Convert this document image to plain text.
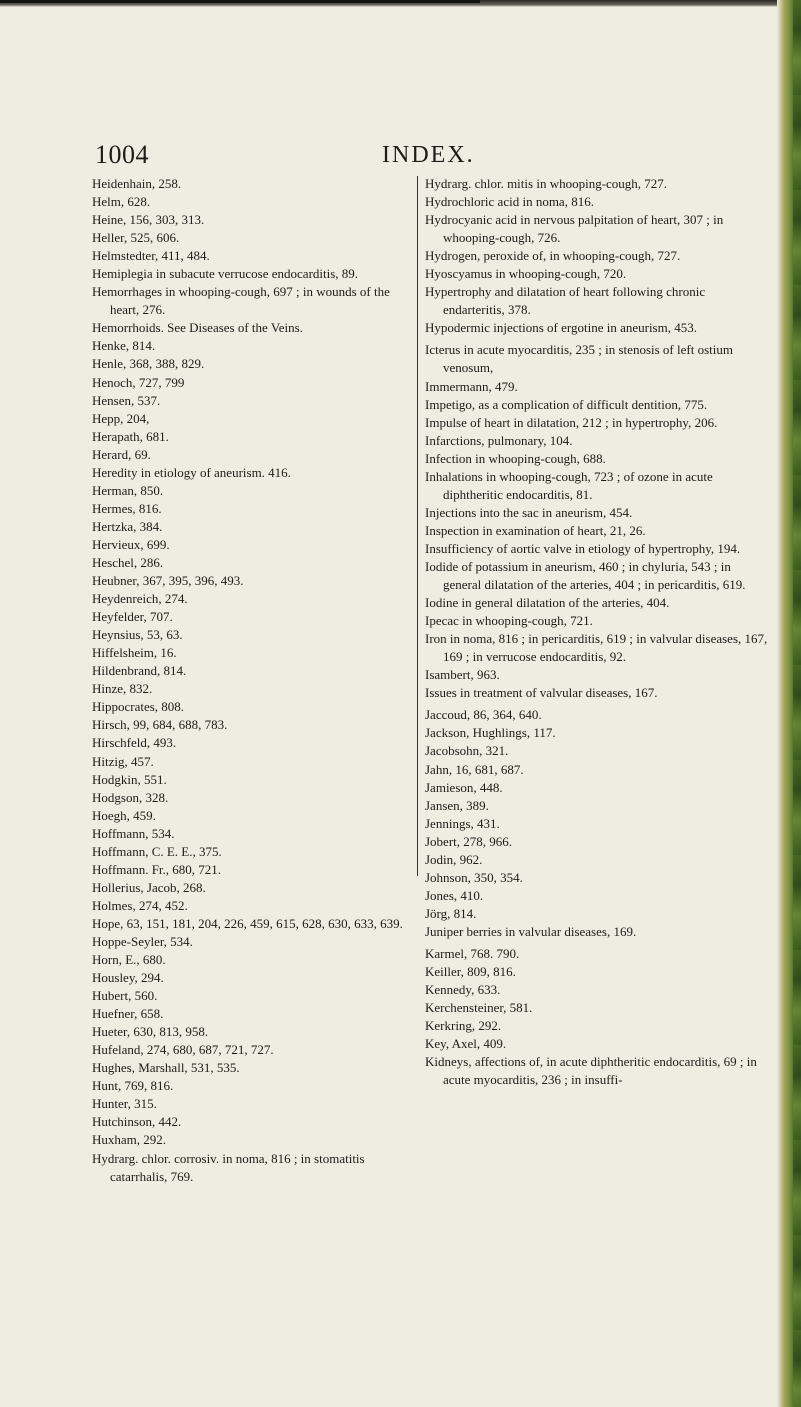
1004	INDEX.
Heidenhain, 258.
Helm, 628.
Heine, 156, 303, 313.
Heller, 525, 606.
Helmstedter, 411, 484.
Hemiplegia in subacute verrucose endocarditis, 89.
Hemorrhages in whooping-cough, 697 ; in wounds of the heart, 276.
Hemorrhoids. See Diseases of the Veins.
Henke, 814.
Henle, 368, 388, 829.
Henoch, 727, 799
Hensen, 537.
Hepp, 204,
Herapath, 681.
Herard, 69.
Heredity in etiology of aneurism. 416.
Herman, 850.
Hermes, 816.
Hertzka, 384.
Hervieux, 699.
Heschel, 286.
Heubner, 367, 395, 396, 493.
Heydenreich, 274.
Heyfelder, 707.
Heynsius, 53, 63.
Hiffelsheim, 16.
Hildenbrand, 814.
Hinze, 832.
Hippocrates, 808.
Hirsch, 99, 684, 688, 783.
Hirschfeld, 493.
Hitzig, 457.
Hodgkin, 551.
Hodgson, 328.
Hoegh, 459.
Hoffmann, 534.
Hoffmann, C. E. E., 375.
Hoffmann. Fr., 680, 721.
Hollerius, Jacob, 268.
Holmes, 274, 452.
Hope, 63, 151, 181, 204, 226, 459, 615, 628, 630, 633, 639.
Hoppe-Seyler, 534.
Horn, E., 680.
Housley, 294.
Hubert, 560.
Huefner, 658.
Hueter, 630, 813, 958.
Hufeland, 274, 680, 687, 721, 727.
Hughes, Marshall, 531, 535.
Hunt, 769, 816.
Hunter, 315.
Hutchinson, 442.
Huxham, 292.
Hydrarg. chlor. corrosiv. in noma, 816 ; in stomatitis catarrhalis, 769.
Hydrarg. chlor. mitis in whooping-cough, 727.
Hydrochloric acid in noma, 816.
Hydrocyanic acid in nervous palpitation of heart, 307 ; in whooping-cough, 726.
Hydrogen, peroxide of, in whooping-cough, 727.
Hyoscyamus in whooping-cough, 720.
Hypertrophy and dilatation of heart following chronic endarteritis, 378.
Hypodermic injections of ergotine in aneurism, 453.
Icterus in acute myocarditis, 235 ; in stenosis of left ostium venosum,
Immermann, 479.
Impetigo, as a complication of difficult dentition, 775.
Impulse of heart in dilatation, 212 ; in hypertrophy, 206.
Infarctions, pulmonary, 104.
Infection in whooping-cough, 688.
Inhalations in whooping-cough, 723 ; of ozone in acute diphtheritic endocarditis, 81.
Injections into the sac in aneurism, 454.
Inspection in examination of heart, 21, 26.
Insufficiency of aortic valve in etiology of hypertrophy, 194.
Iodide of potassium in aneurism, 460 ; in chyluria, 543 ; in general dilatation of the arteries, 404 ; in pericarditis, 619.
Iodine in general dilatation of the arteries, 404.
Ipecac in whooping-cough, 721.
Iron in noma, 816 ; in pericarditis, 619 ; in valvular diseases, 167, 169 ; in verrucose endocarditis, 92.
Isambert, 963.
Issues in treatment of valvular diseases, 167.
Jaccoud, 86, 364, 640.
Jackson, Hughlings, 117.
Jacobsohn, 321.
Jahn, 16, 681, 687.
Jamieson, 448.
Jansen, 389.
Jennings, 431.
Jobert, 278, 966.
Jodin, 962.
Johnson, 350, 354.
Jones, 410.
Jörg, 814.
Juniper berries in valvular diseases, 169.
Karmel, 768. 790.
Keiller, 809, 816.
Kennedy, 633.
Kerchensteiner, 581.
Kerkring, 292.
Key, Axel, 409.
Kidneys, affections of, in acute diphtheritic endocarditis, 69 ; in acute myocarditis, 236 ; in insuffi-
